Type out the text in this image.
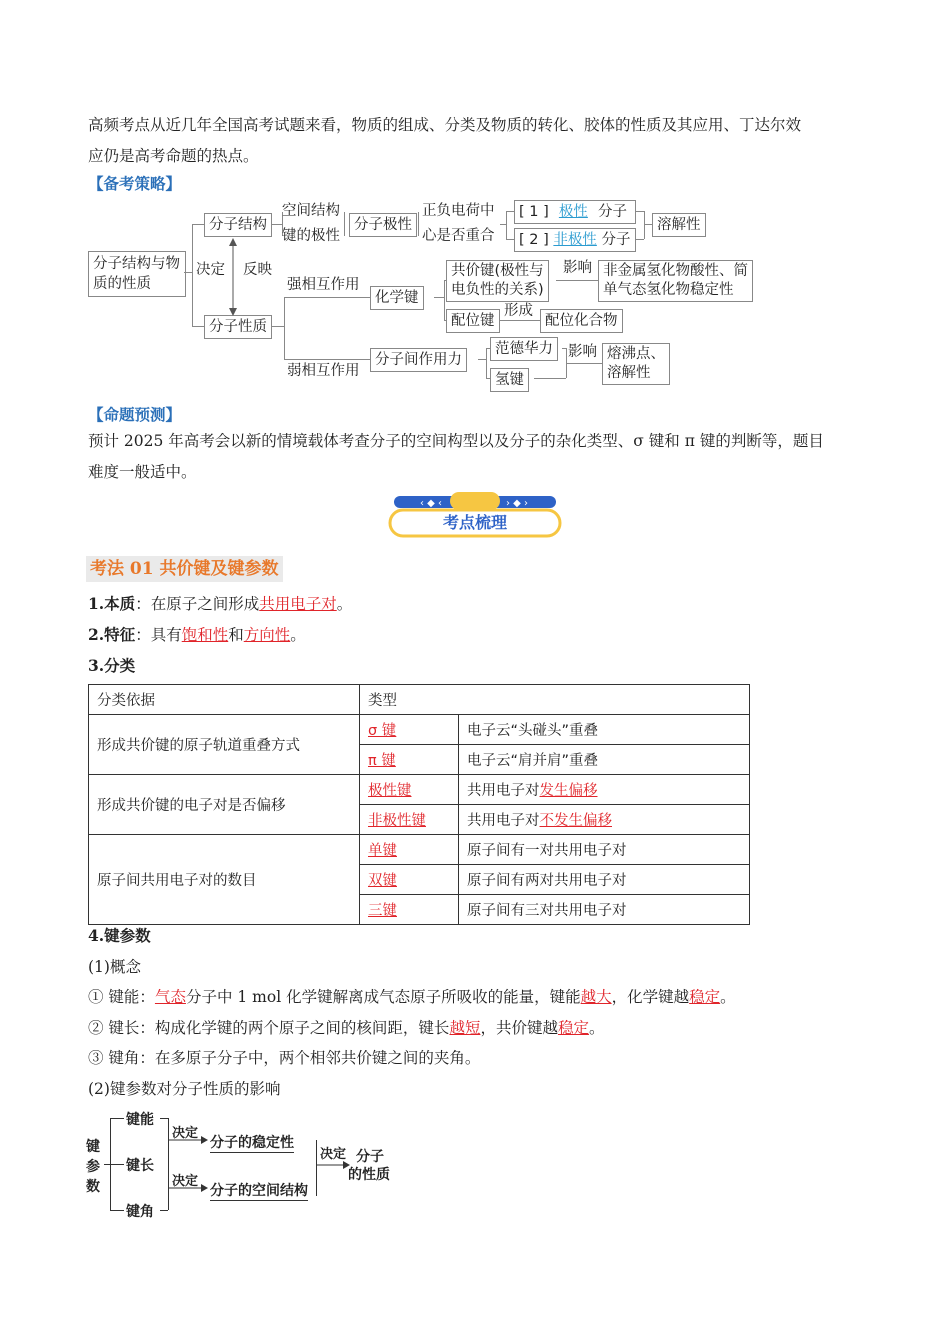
高频考点从近几年全国高考试题来看，物质的组成、分类及物质的转化、胶体的性质及其应用、丁达尔效
应仍是高考命题的热点。
【备考策略】
分子结构与物质的性质
分子结构
分子性质
决定 反映
空间结构
键的极性
分子极性
正负电荷中
心是否重合
[ 1 ] 极性 分子
[ 2 ] 非极性 分子
溶解性
强相互作用
弱相互作用
化学键
共价键(极性与
电负性的关系)
影响 非金属氢化物酸性、简
单气态氢化物稳定性
配位键
形成
配位化合物
分子间作用力
范德华力
氢键
影响 熔沸点、
溶解性
【命题预测】
预计 2025 年高考会以新的情境载体考查分子的空间构型以及分子的杂化类型、σ 键和 π 键的判断等，题目
难度一般适中。
‹ ◆ ‹	› ◆ ›
考点梳理
考法 01 共价键及键参数
1.本质：在原子之间形成共用电子对。
2.特征：具有饱和性和方向性。
3.分类
分类依据	类型	
形成共价键的原子轨道重叠方式	σ 键	电子云“头碰头”重叠
	π 键	电子云“肩并肩”重叠
形成共价键的电子对是否偏移	极性键	共用电子对发生偏移
	非极性键	共用电子对不发生偏移
原子间共用电子对的数目	单键	原子间有一对共用电子对
	双键	原子间有两对共用电子对
	三键	原子间有三对共用电子对
4.键参数
(1)概念
① 键能：气态分子中 1 mol 化学键解离成气态原子所吸收的能量，键能越大，化学键越稳定。
② 键长：构成化学键的两个原子之间的核间距，键长越短，共价键越稳定。
③ 键角：在多原子分子中，两个相邻共价键之间的夹角。
(2)键参数对分子性质的影响
键参数
键能
键长
键角
决定
决定
分子的稳定性
分子的空间结构
决定 分子
的性质
